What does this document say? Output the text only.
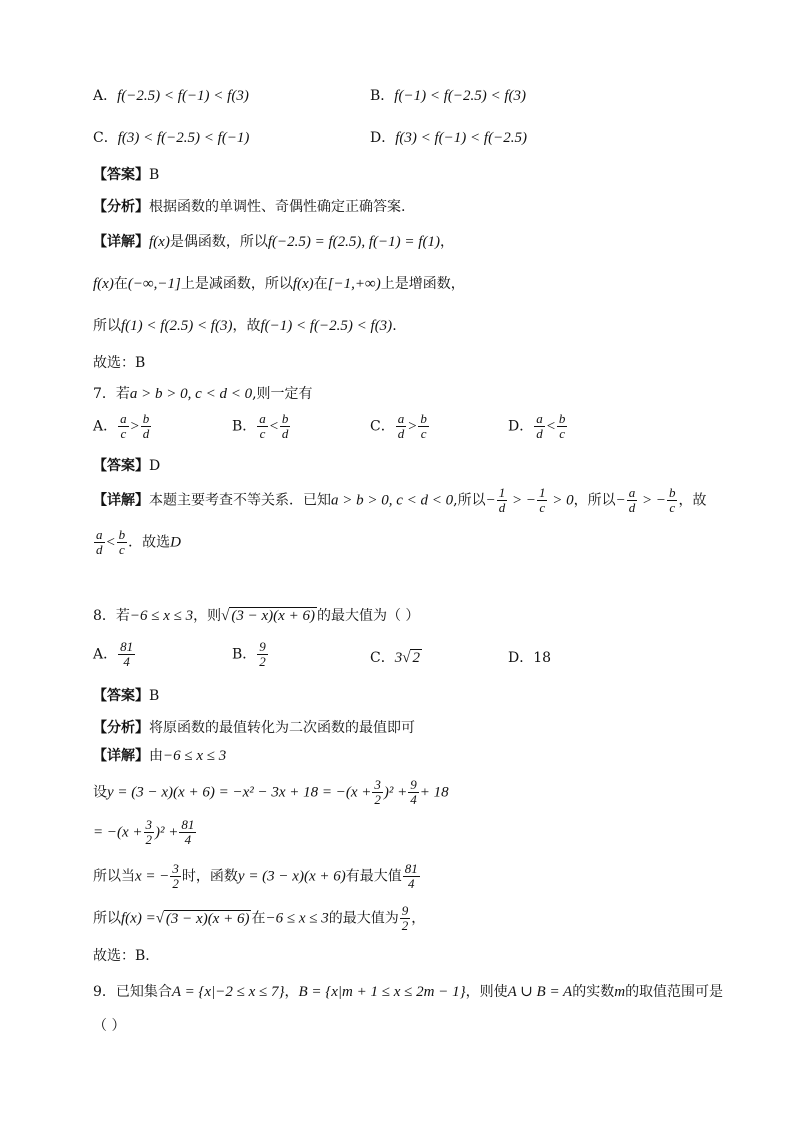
A．f(−2.5) < f(−1) < f(3)	B．f(−1) < f(−2.5) < f(3)
C．f(3) < f(−2.5) < f(−1)	D．f(3) < f(−1) < f(−2.5)
【答案】B
【分析】根据函数的单调性、奇偶性确定正确答案.
【详解】f(x)是偶函数，所以f(−2.5) = f(2.5), f(−1) = f(1)，
f(x)在(−∞,−1]上是减函数，所以f(x)在[−1,+∞)上是增函数，
所以f(1) < f(2.5) < f(3)，故f(−1) < f(−2.5) < f(3).
故选：B
7．若a > b > 0, c < d < 0,则一定有
A． $\frac{a}{c} > \frac{b}{d}$	B． $\frac{a}{c} < \frac{b}{d}$	C． $\frac{a}{d} > \frac{b}{c}$	D． $\frac{a}{d} < \frac{b}{c}$
【答案】D
【详解】本题主要考查不等关系．已知a > b > 0, c < d < 0,所以− $\frac{1}{d}$ > − $\frac{1}{c} > 0$，所以− $\frac{a}{d}$ > − $\frac{b}{c}$ ，故
$\frac{a}{d} < \frac{b}{c}$ ．故选D
8．若−6 ≤ x ≤ 3，则√ (3 − x)(x + 6) 的最大值为（ ）
A． $\frac{81}{4}$	B． $\frac{9}{2}$	C．3√ 2	D．18
【答案】B
【分析】将原函数的最值转化为二次函数的最值即可
【详解】由−6 ≤ x ≤ 3
设$y = (3 - x)(x + 6) = -x^2 - 3x + 18 = -(x + \frac{3}{2} )^2 + \frac{9}{4} + 18$
= $-(x + \frac{3}{2} )^2 + \frac{81}{4}$
所以当x = − $\frac{3}{2}$ 时，函数y = (3 − x)(x + 6)有最大值 $\frac{81}{4}$
所以f(x) =√ (3 − x)(x + 6) 在−6 ≤ x ≤ 3的最大值为 $\frac{9}{2}$ ，
故选：B.
9．已知集合A = {x|−2 ≤ x ≤ 7}，B = {x|m + 1 ≤ x ≤ 2m − 1}，则使A ∪ B = A的实数m的取值范围可是
（ ）
